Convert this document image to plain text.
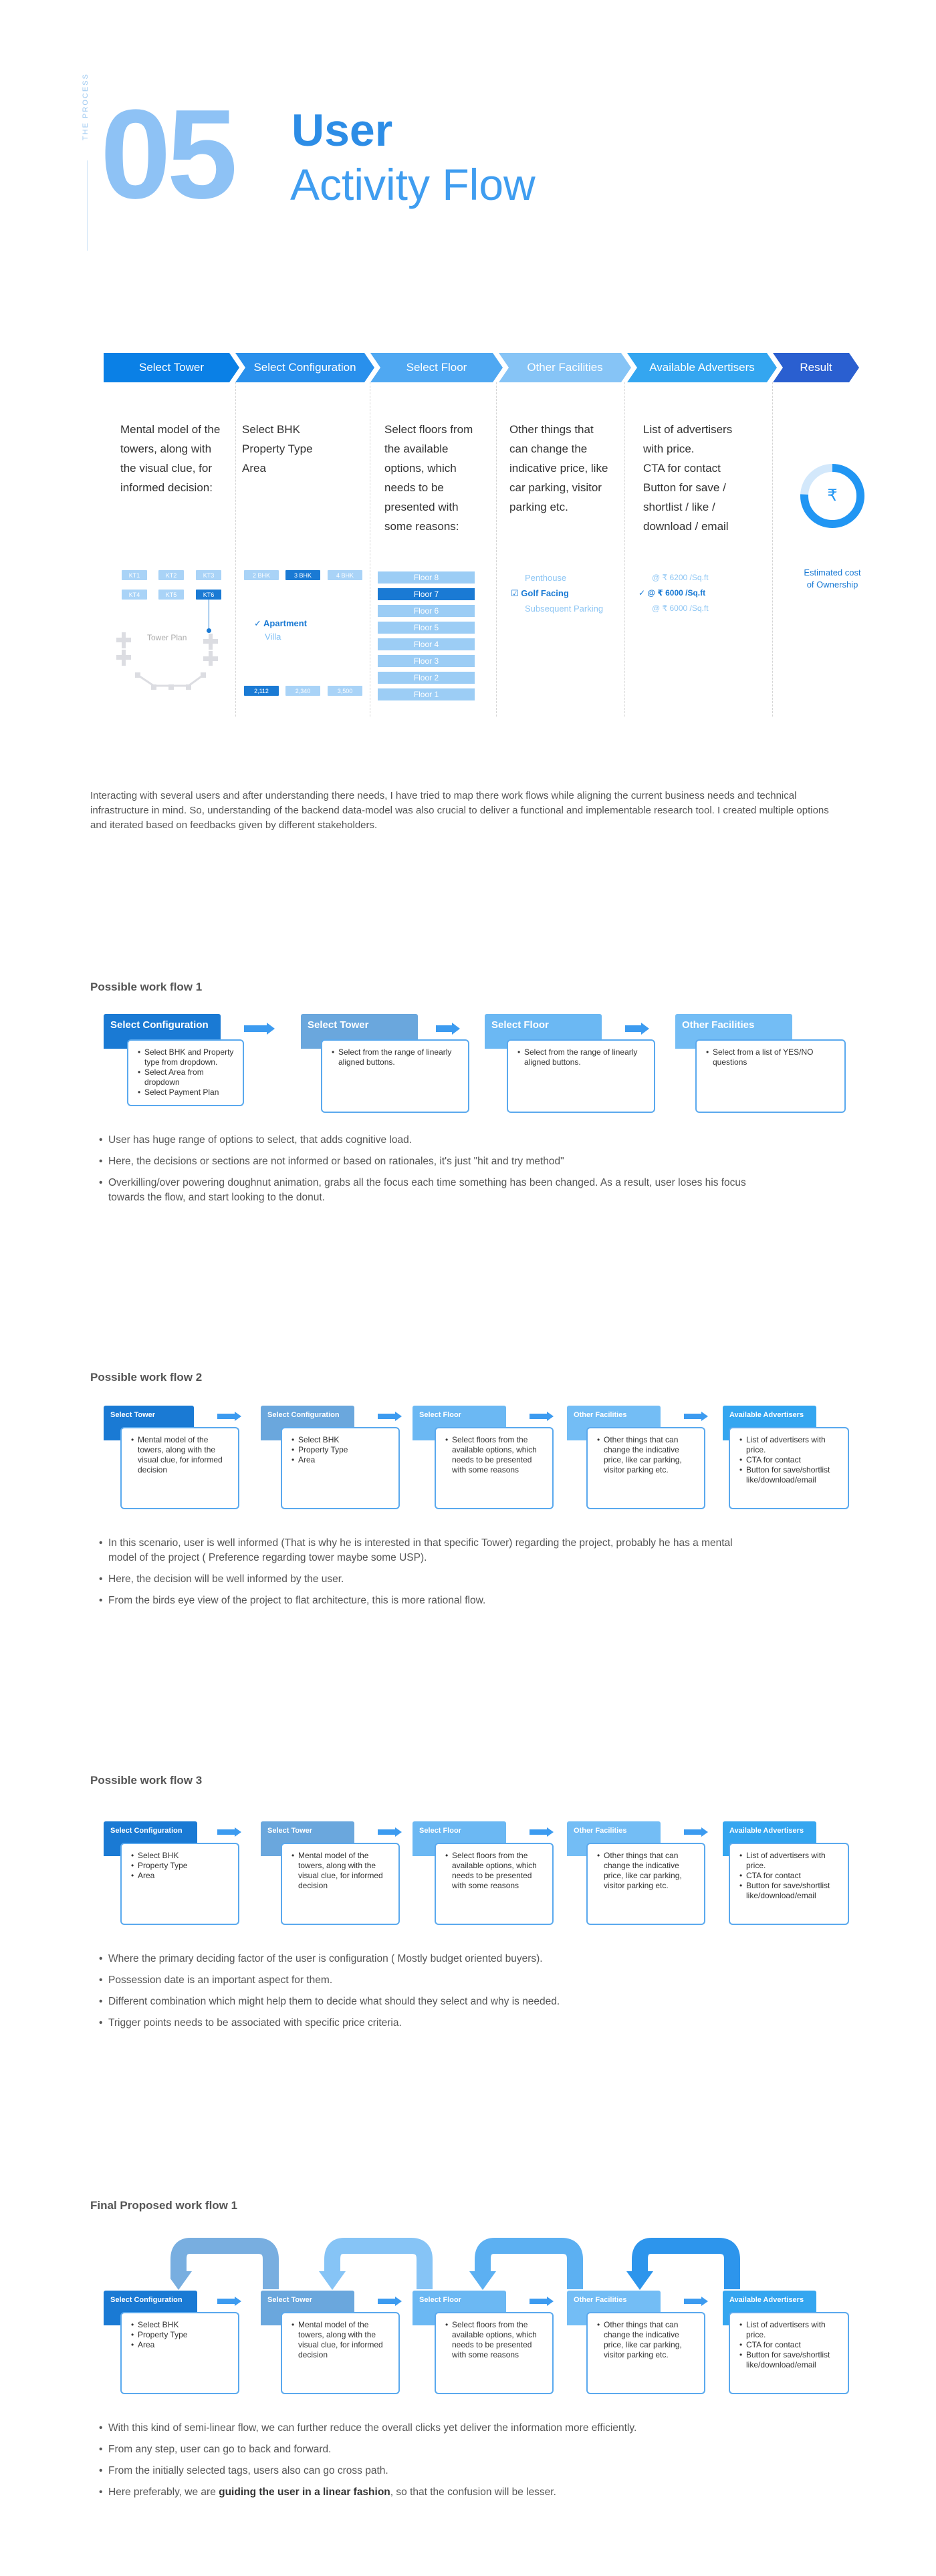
THE PROCESS 05 User
Activity Flow
Select Tower	Select Configuration	Select Floor	Other Facilities	Available Advertisers	Result
Mental model of the
towers, along with
the visual clue, for
informed decision:
Select BHK
Property Type
Area
Select floors from
the available
options, which
needs to be
presented with
some reasons:
Other things that
can change the
indicative price, like
car parking, visitor
parking etc.
List of advertisers
with price.
CTA for contact
Button for save /
shortlist / like /
download / email
KT1	KT2	KT3
KT4	KT5	KT6
Tower Plan
2 BHK	3 BHK	4 BHK
✓ Apartment
Villa
2,112	2,340	3,500
Floor 8
Floor 7
Floor 6
Floor 5
Floor 4
Floor 3
Floor 2
Floor 1
Penthouse
☑ Golf Facing
Subsequent Parking
@ ₹ 6200 /Sq.ft
✓ @ ₹ 6000 /Sq.ft
@ ₹ 6000 /Sq.ft
₹
Estimated cost
of Ownership
Interacting with several users and after understanding there needs, I have tried to map there work flows while aligning the current business needs and technical infrastructure in mind. So, understanding of the backend data-model was also crucial to deliver a functional and implementable research tool. I created multiple options and iterated based on feedbacks given by different stakeholders.
Possible work flow 1
Select Configuration
• Select BHK and Property type from dropdown.
• Select Area from dropdown
• Select Payment Plan
Select Tower
• Select from the range of linearly aligned buttons.
Select Floor
• Select from the range of linearly aligned buttons.
Other Facilities
• Select from a list of YES/NO questions
• User has huge range of options to select, that adds cognitive load.
• Here, the decisions or sections are not informed or based on rationales, it's just "hit and try method"
• Overkilling/over powering doughnut animation, grabs all the focus each time something has been changed. As a result, user loses his focus towards the flow, and start looking to the donut.
Possible work flow 2
Select Tower
• Mental model of the towers, along with the visual clue, for informed decision
Select Configuration
• Select BHK
• Property Type
• Area
Select Floor
• Select floors from the available options, which needs to be presented with some reasons
Other Facilities
• Other things that can change the indicative price, like car parking, visitor parking etc.
Available Advertisers
• List of advertisers with price.
• CTA for contact
• Button for save/shortlist like/download/email
• In this scenario, user is well informed (That is why he is interested in that specific Tower) regarding the project, probably he has a mental model of the project ( Preference regarding tower maybe some USP).
• Here, the decision will be well informed by the user.
• From the birds eye view of the project to flat architecture, this is more rational flow.
Possible work flow 3
Select Configuration
• Select BHK
• Property Type
• Area
Select Tower
• Mental model of the towers, along with the visual clue, for informed decision
Select Floor
• Select floors from the available options, which needs to be presented with some reasons
Other Facilities
• Other things that can change the indicative price, like car parking, visitor parking etc.
Available Advertisers
• List of advertisers with price.
• CTA for contact
• Button for save/shortlist like/download/email
• Where the primary deciding factor of the user is configuration ( Mostly budget oriented buyers).
• Possession date is an important aspect for them.
• Different combination which might help them to decide what should they select and why is needed.
• Trigger points needs to be associated with specific price criteria.
Final Proposed work flow 1
Select Configuration
• Select BHK
• Property Type
• Area
Select Tower
• Mental model of the towers, along with the visual clue, for informed decision
Select Floor
• Select floors from the available options, which needs to be presented with some reasons
Other Facilities
• Other things that can change the indicative price, like car parking, visitor parking etc.
Available Advertisers
• List of advertisers with price.
• CTA for contact
• Button for save/shortlist like/download/email
• With this kind of semi-linear flow, we can further reduce the overall clicks yet deliver the information more efficiently.
• From any step, user can go to back and forward.
• From the initially selected tags, users also can go cross path.
• Here preferably, we are guiding the user in a linear fashion, so that the confusion will be lesser.
